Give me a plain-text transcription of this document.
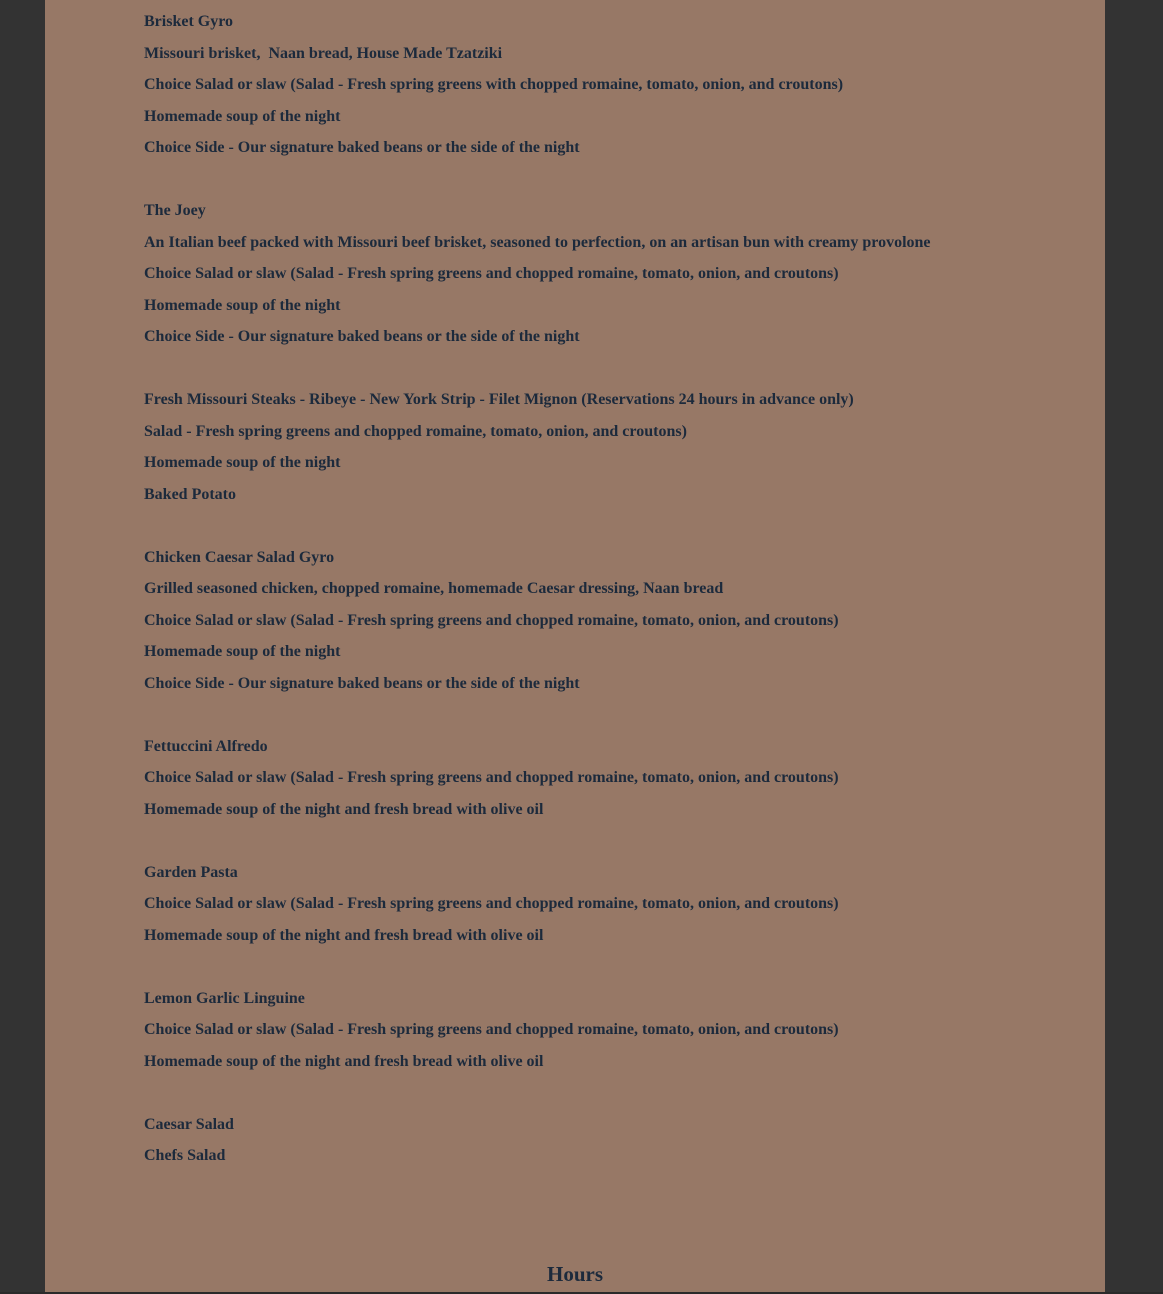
Brisket Gyro
Missouri brisket,  Naan bread, House Made Tzatziki
Choice Salad or slaw (Salad - Fresh spring greens with chopped romaine, tomato, onion, and croutons)
Homemade soup of the night
Choice Side - Our signature baked beans or the side of the night
The Joey
An Italian beef packed with Missouri beef brisket, seasoned to perfection, on an artisan bun with creamy provolone
Choice Salad or slaw (Salad - Fresh spring greens and chopped romaine, tomato, onion, and croutons)
Homemade soup of the night
Choice Side - Our signature baked beans or the side of the night
Fresh Missouri Steaks - Ribeye - New York Strip - Filet Mignon (Reservations 24 hours in advance only)
Salad - Fresh spring greens and chopped romaine, tomato, onion, and croutons)
Homemade soup of the night
Baked Potato
Chicken Caesar Salad Gyro
Grilled seasoned chicken, chopped romaine, homemade Caesar dressing, Naan bread
Choice Salad or slaw (Salad - Fresh spring greens and chopped romaine, tomato, onion, and croutons)
Homemade soup of the night
Choice Side - Our signature baked beans or the side of the night
Fettuccini Alfredo
Choice Salad or slaw (Salad - Fresh spring greens and chopped romaine, tomato, onion, and croutons)
Homemade soup of the night and fresh bread with olive oil
Garden Pasta
Choice Salad or slaw (Salad - Fresh spring greens and chopped romaine, tomato, onion, and croutons)
Homemade soup of the night and fresh bread with olive oil
Lemon Garlic Linguine
Choice Salad or slaw (Salad - Fresh spring greens and chopped romaine, tomato, onion, and croutons)
Homemade soup of the night and fresh bread with olive oil
Caesar Salad
Chefs Salad
Hours
